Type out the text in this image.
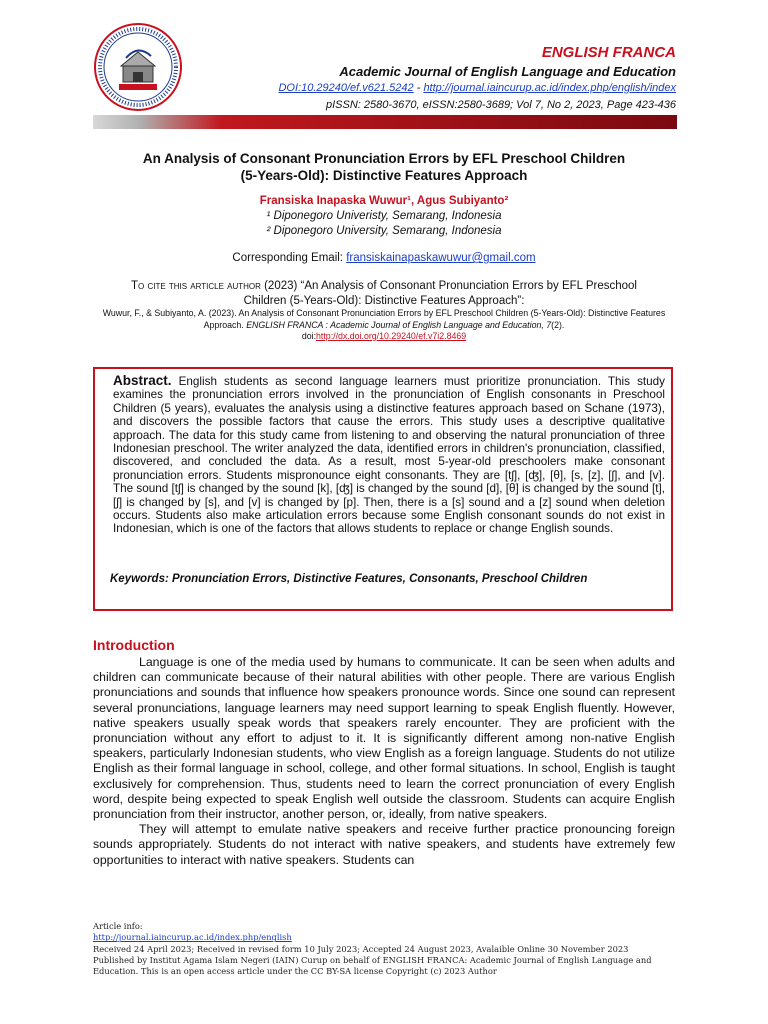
ENGLISH FRANCA
Academic Journal of English Language and Education
DOI:10.29240/ef.v621.5242 - http://journal.iaincurup.ac.id/index.php/english/index
pISSN: 2580-3670, eISSN:2580-3689; Vol 7, No 2, 2023, Page 423-436
An Analysis of Consonant Pronunciation Errors by EFL Preschool Children
(5-Years-Old): Distinctive Features Approach
Fransiska Inapaska Wuwur¹, Agus Subiyanto²
¹ Diponegoro Univeristy, Semarang, Indonesia
² Diponegoro University, Semarang, Indonesia
Corresponding Email: fransiskainapaskawuwur@gmail.com
To cite this article author (2023) “An Analysis of Consonant Pronunciation Errors by EFL Preschool Children (5-Years-Old): Distinctive Features Approach”:
Wuwur, F., & Subiyanto, A. (2023). An Analysis of Consonant Pronunciation Errors by EFL Preschool Children (5-Years-Old): Distinctive Features Approach. ENGLISH FRANCA : Academic Journal of English Language and Education, 7(2).
doi:http://dx.doi.org/10.29240/ef.v7i2.8469
Abstract. English students as second language learners must prioritize pronunciation. This study examines the pronunciation errors involved in the pronunciation of English consonants in Preschool Children (5 years), evaluates the analysis using a distinctive features approach based on Schane (1973), and discovers the possible factors that cause the errors. This study uses a descriptive qualitative approach. The data for this study came from listening to and observing the natural pronunciation of three Indonesian preschool. The writer analyzed the data, identified errors in children's pronunciation, classified, discovered, and concluded the data. As a result, most 5-year-old preschoolers make consonant pronunciation errors. Students mispronounce eight consonants. They are [tʃ], [ʤ], [θ], [s, [z], [ʃ], and [v]. The sound [tʃ] is changed by the sound [k], [ʤ] is changed by the sound [d], [θ] is changed by the sound [t], [ʃ] is changed by [s], and [v] is changed by [p]. Then, there is a [s] sound and a [z] sound when deletion occurs. Students also make articulation errors because some English consonant sounds do not exist in Indonesian, which is one of the factors that allows students to replace or change English sounds.
Keywords: Pronunciation Errors, Distinctive Features, Consonants, Preschool Children
Introduction

Language is one of the media used by humans to communicate. It can be seen when adults and children can communicate because of their natural abilities with other people. There are various English pronunciations and sounds that influence how speakers pronounce words. Since one sound can represent several pronunciations, language learners may need support learning to speak English fluently. However, native speakers usually speak words that speakers rarely encounter. They are proficient with the pronunciation without any effort to adjust to it. It is significantly different among non-native English speakers, particularly Indonesian students, who view English as a foreign language. Students do not utilize English as their formal language in school, college, and other formal situations. In school, English is taught exclusively for comprehension. Thus, students need to learn the correct pronunciation of every English word, despite being expected to speak English well outside the classroom. Students can acquire English pronunciation from their instructor, another person, or, ideally, from native speakers.

They will attempt to emulate native speakers and receive further practice pronouncing foreign sounds appropriately. Students do not interact with native speakers, and students have extremely few opportunities to interact with native speakers. Students can

Article info:
http://journal.iaincurup.ac.id/index.php/english
Received 24 April 2023; Received in revised form 10 July 2023; Accepted 24 August 2023, Avalaible Online 30 November 2023
Published by Institut Agama Islam Negeri (IAIN) Curup on behalf of ENGLISH FRANCA: Academic Journal of English Language and Education. This is an open access article under the CC BY-SA license Copyright (c) 2023 Author
